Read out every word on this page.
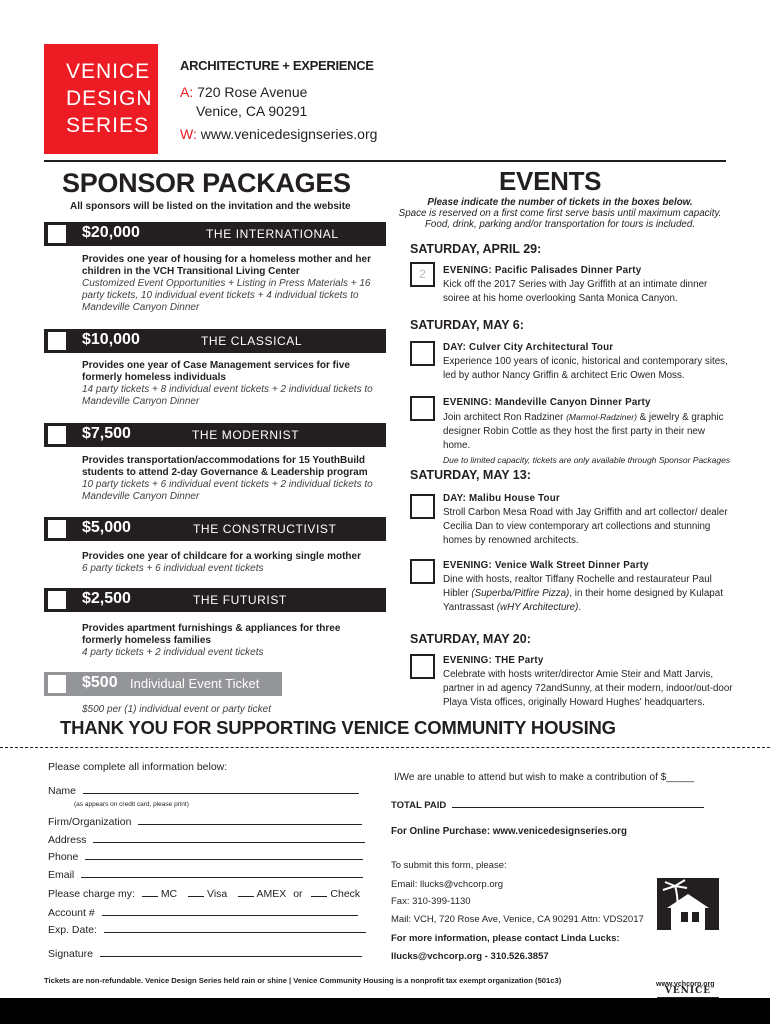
VENICE
DESIGN
SERIES
ARCHITECTURE + EXPERIENCE
A: 720 Rose Avenue
Venice, CA 90291
W: www.venicedesignseries.org
SPONSOR PACKAGES
All sponsors will be listed on the invitation and the website
$20,000	THE INTERNATIONAL
Provides one year of housing for a homeless mother and her children in the VCH Transitional Living Center
Customized Event Opportunities + Listing in Press Materials + 16 party tickets, 10 individual event tickets + 4 individual tickets to Mandeville Canyon Dinner
$10,000	THE CLASSICAL
Provides one year of Case Management services for five formerly homeless individuals
14 party tickets + 8 individual event tickets + 2 individual tickets to Mandeville Canyon Dinner
$7,500	THE MODERNIST
Provides transportation/accommodations for 15 YouthBuild students to attend 2-day Governance & Leadership program
10 party tickets + 6 individual event tickets + 2 individual tickets to Mandeville Canyon Dinner
$5,000	THE CONSTRUCTIVIST
Provides one year of childcare for a working single mother
6 party tickets + 6 individual event tickets
$2,500	THE FUTURIST
Provides apartment furnishings & appliances for three formerly homeless families
4 party tickets + 2 individual event tickets
$500 Individual Event Ticket
$500 per (1) individual event or party ticket
EVENTS
Please indicate the number of tickets in the boxes below.
Space is reserved on a first come first serve basis until maximum capacity.
Food, drink, parking and/or transportation for tours is included.
SATURDAY, APRIL 29:
2	EVENING: Pacific Palisades Dinner Party
Kick off the 2017 Series with Jay Griffith at an intimate dinner soiree at his home overlooking Santa Monica Canyon.
SATURDAY, MAY 6:
DAY: Culver City Architectural Tour
Experience 100 years of iconic, historical and contemporary sites, led by author Nancy Griffin & architect Eric Owen Moss.
EVENING: Mandeville Canyon Dinner Party
Join architect Ron Radziner (Marmol-Radziner) & jewelry & graphic designer Robin Cottle as they host the first party in their new home.
Due to limited capacity, tickets are only available through Sponsor Packages
SATURDAY, MAY 13:
DAY: Malibu House Tour
Stroll Carbon Mesa Road with Jay Griffith and art collector/ dealer Cecilia Dan to view contemporary art collections and stunning homes by renowned architects.
EVENING: Venice Walk Street Dinner Party
Dine with hosts, realtor Tiffany Rochelle and restaurateur Paul Hibler (Superba/Pitfire Pizza), in their home designed by Kulapat Yantrassast (wHY Architecture).
SATURDAY, MAY 20:
EVENING: THE Party
Celebrate with hosts writer/director Amie Steir and Matt Jarvis, partner in ad agency 72andSunny, at their modern, indoor/out-door Playa Vista offices, originally Howard Hughes' headquarters.
THANK YOU FOR SUPPORTING VENICE COMMUNITY HOUSING
Please complete all information below:
Name
(as appears on credit card, please print)
Firm/Organization
Address
Phone
Email
Please charge my: MC	Visa	AMEX or	Check
Account #
Exp. Date:
Signature
I/We are unable to attend but wish to make a contribution of $_____
TOTAL PAID
For Online Purchase: www.venicedesignseries.org
To submit this form, please:
Email: llucks@vchcorp.org
Fax: 310-399-1130
Mail: VCH, 720 Rose Ave, Venice, CA 90291 Attn: VDS2017
For more information, please contact Linda Lucks:
llucks@vchcorp.org - 310.526.3857
VENICE
www.vchcorp.org
Tickets are non-refundable. Venice Design Series held rain or shine | Venice Community Housing is a nonprofit tax exempt organization (501c3)
